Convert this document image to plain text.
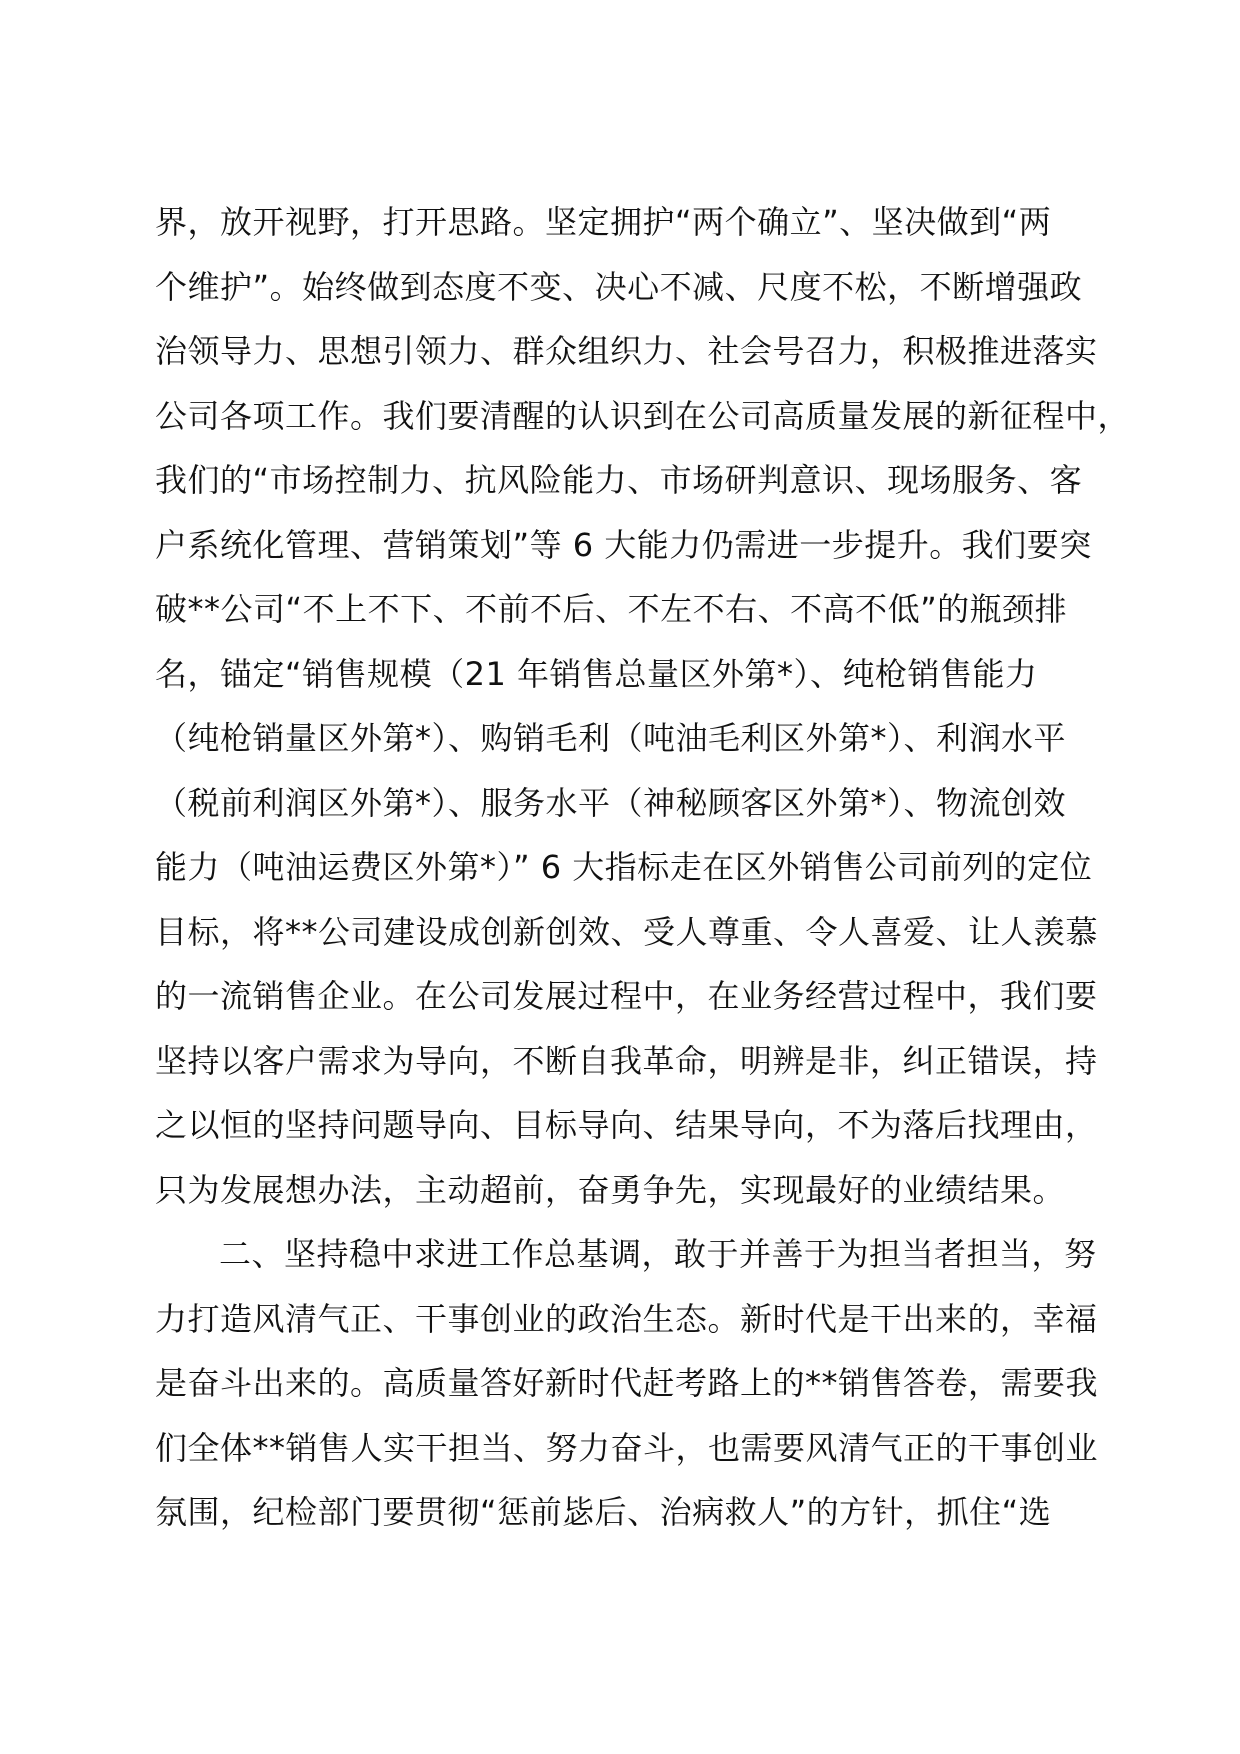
界，放开视野，打开思路。坚定拥护“两个确立”、坚决做到“两
个维护”。始终做到态度不变、决心不减、尺度不松，不断增强政
治领导力、思想引领力、群众组织力、社会号召力，积极推进落实
公司各项工作。我们要清醒的认识到在公司高质量发展的新征程中，
我们的“市场控制力、抗风险能力、市场研判意识、现场服务、客
户系统化管理、营销策划”等 6 大能力仍需进一步提升。我们要突
破**公司“不上不下、不前不后、不左不右、不高不低”的瓶颈排
名，锚定“销售规模（21 年销售总量区外第*）、纯枪销售能力
（纯枪销量区外第*）、购销毛利（吨油毛利区外第*）、利润水平
（税前利润区外第*）、服务水平（神秘顾客区外第*）、物流创效
能力（吨油运费区外第*）” 6 大指标走在区外销售公司前列的定位
目标，将**公司建设成创新创效、受人尊重、令人喜爱、让人羡慕
的一流销售企业。在公司发展过程中，在业务经营过程中，我们要
坚持以客户需求为导向，不断自我革命，明辨是非，纠正错误，持
之以恒的坚持问题导向、目标导向、结果导向，不为落后找理由，
只为发展想办法，主动超前，奋勇争先，实现最好的业绩结果。
二、坚持稳中求进工作总基调，敢于并善于为担当者担当，努
力打造风清气正、干事创业的政治生态。新时代是干出来的，幸福
是奋斗出来的。高质量答好新时代赶考路上的**销售答卷，需要我
们全体**销售人实干担当、努力奋斗，也需要风清气正的干事创业
氛围，纪检部门要贯彻“惩前毖后、治病救人”的方针，抓住“选
